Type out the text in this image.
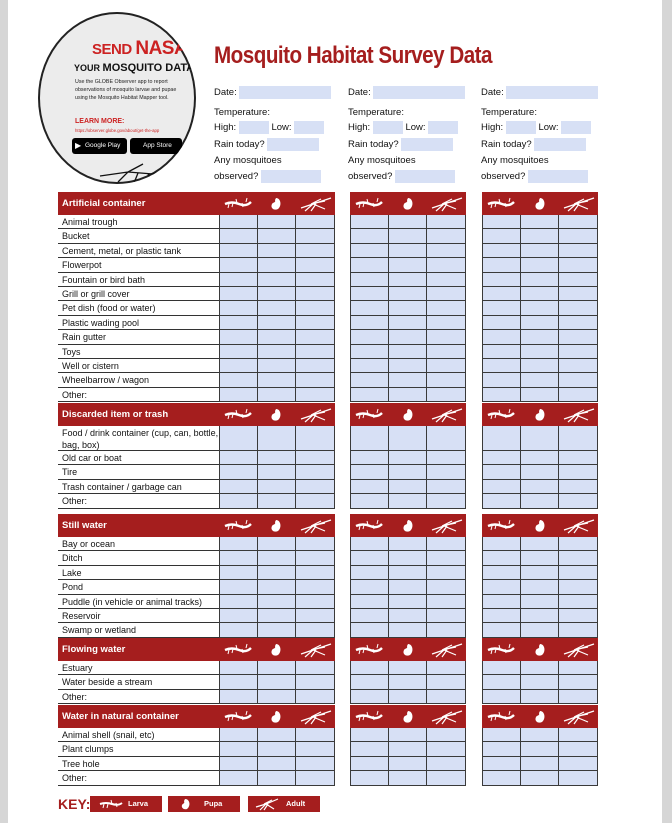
SEND NASA
YOUR MOSQUITO DATA
Use the GLOBE Observer app to report observations of mosquito larvae and pupae using the Mosquito Habitat Mapper tool.
LEARN MORE:
https://observer.globe.gov/about/get-the-app
▶ Google Play	App Store
Mosquito Habitat Survey Data
Date:
Temperature:
High:	Low:
Rain today?
Any mosquitoes
observed?
Date:
Temperature:
High:	Low:
Rain today?
Any mosquitoes
observed?
Date:
Temperature:
High:	Low:
Rain today?
Any mosquitoes
observed?
Artificial container
Animal trough
Bucket
Cement, metal, or plastic tank
Flowerpot
Fountain or bird bath
Grill or grill cover
Pet dish (food or water)
Plastic wading pool
Rain gutter
Toys
Well or cistern
Wheelbarrow / wagon
Other:
Discarded item or trash
Food / drink container (cup, can, bottle, bag, box)
Old car or boat
Tire
Trash container / garbage can
Other:
Still water
Bay or ocean
Ditch
Lake
Pond
Puddle (in vehicle or animal tracks)
Reservoir
Swamp or wetland
Flowing water
Estuary
Water beside a stream
Other:
Water in natural container
Animal shell (snail, etc)
Plant clumps
Tree hole
Other:
KEY:	Larva	Pupa	Adult
